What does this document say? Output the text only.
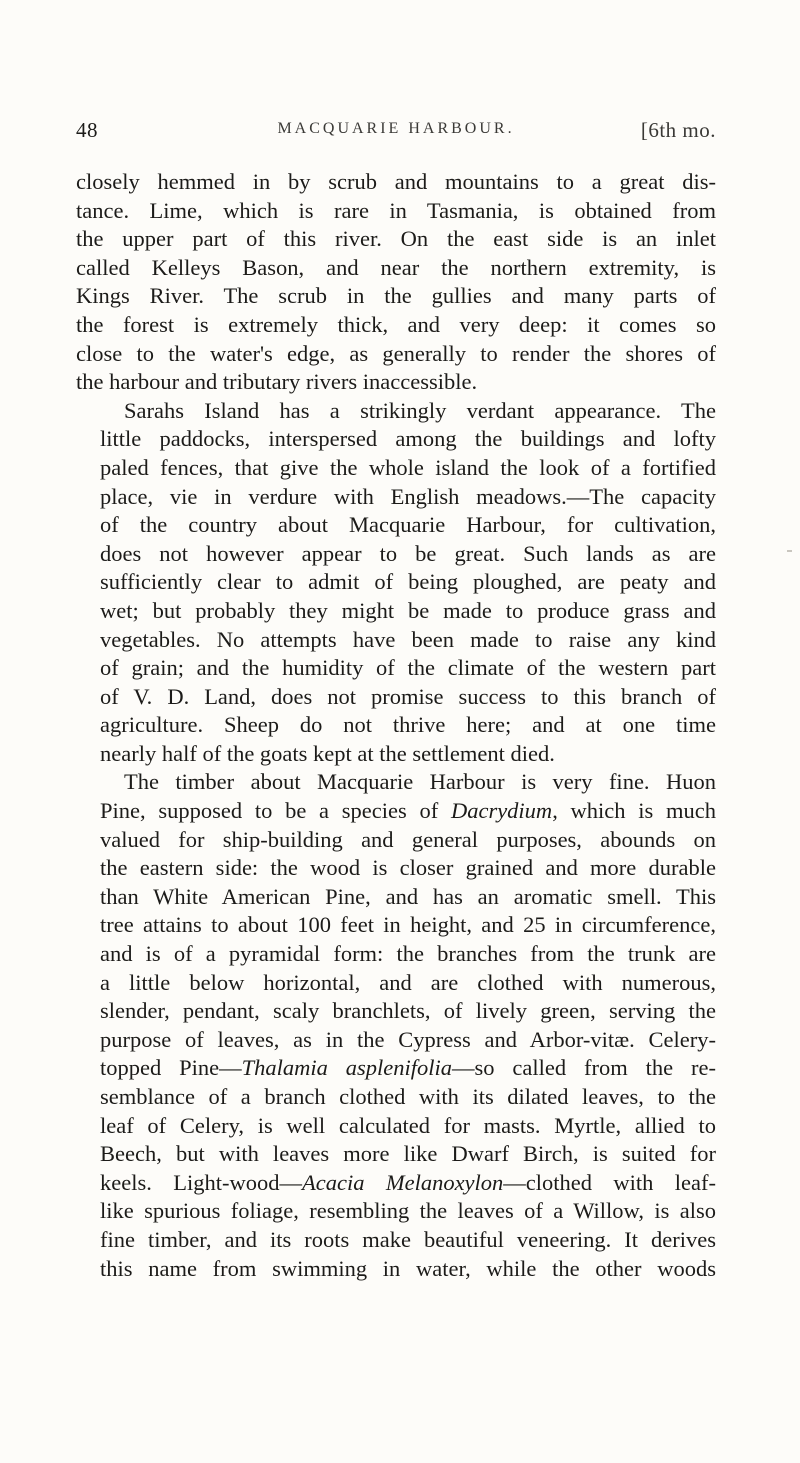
48	MACQUARIE HARBOUR.	[6th mo.

closely hemmed in by scrub and mountains to a great dis-
tance. Lime, which is rare in Tasmania, is obtained from
the upper part of this river. On the east side is an inlet
called Kelleys Bason, and near the northern extremity, is
Kings River. The scrub in the gullies and many parts of
the forest is extremely thick, and very deep: it comes so
close to the water's edge, as generally to render the shores of
the harbour and tributary rivers inaccessible.

Sarahs Island has a strikingly verdant appearance. The
little paddocks, interspersed among the buildings and lofty
paled fences, that give the whole island the look of a fortified
place, vie in verdure with English meadows.—The capacity
of the country about Macquarie Harbour, for cultivation,
does not however appear to be great. Such lands as are
sufficiently clear to admit of being ploughed, are peaty and
wet; but probably they might be made to produce grass and
vegetables. No attempts have been made to raise any kind
of grain; and the humidity of the climate of the western part
of V. D. Land, does not promise success to this branch of
agriculture. Sheep do not thrive here; and at one time
nearly half of the goats kept at the settlement died.

The timber about Macquarie Harbour is very fine. Huon
Pine, supposed to be a species of Dacrydium, which is much
valued for ship-building and general purposes, abounds on
the eastern side: the wood is closer grained and more durable
than White American Pine, and has an aromatic smell. This
tree attains to about 100 feet in height, and 25 in circumference,
and is of a pyramidal form: the branches from the trunk are
a little below horizontal, and are clothed with numerous,
slender, pendant, scaly branchlets, of lively green, serving the
purpose of leaves, as in the Cypress and Arbor-vitæ. Celery-
topped Pine—Thalamia asplenifolia—so called from the re-
semblance of a branch clothed with its dilated leaves, to the
leaf of Celery, is well calculated for masts. Myrtle, allied to
Beech, but with leaves more like Dwarf Birch, is suited for
keels. Light-wood—Acacia Melanoxylon—clothed with leaf-
like spurious foliage, resembling the leaves of a Willow, is also
fine timber, and its roots make beautiful veneering. It derives
this name from swimming in water, while the other woods
